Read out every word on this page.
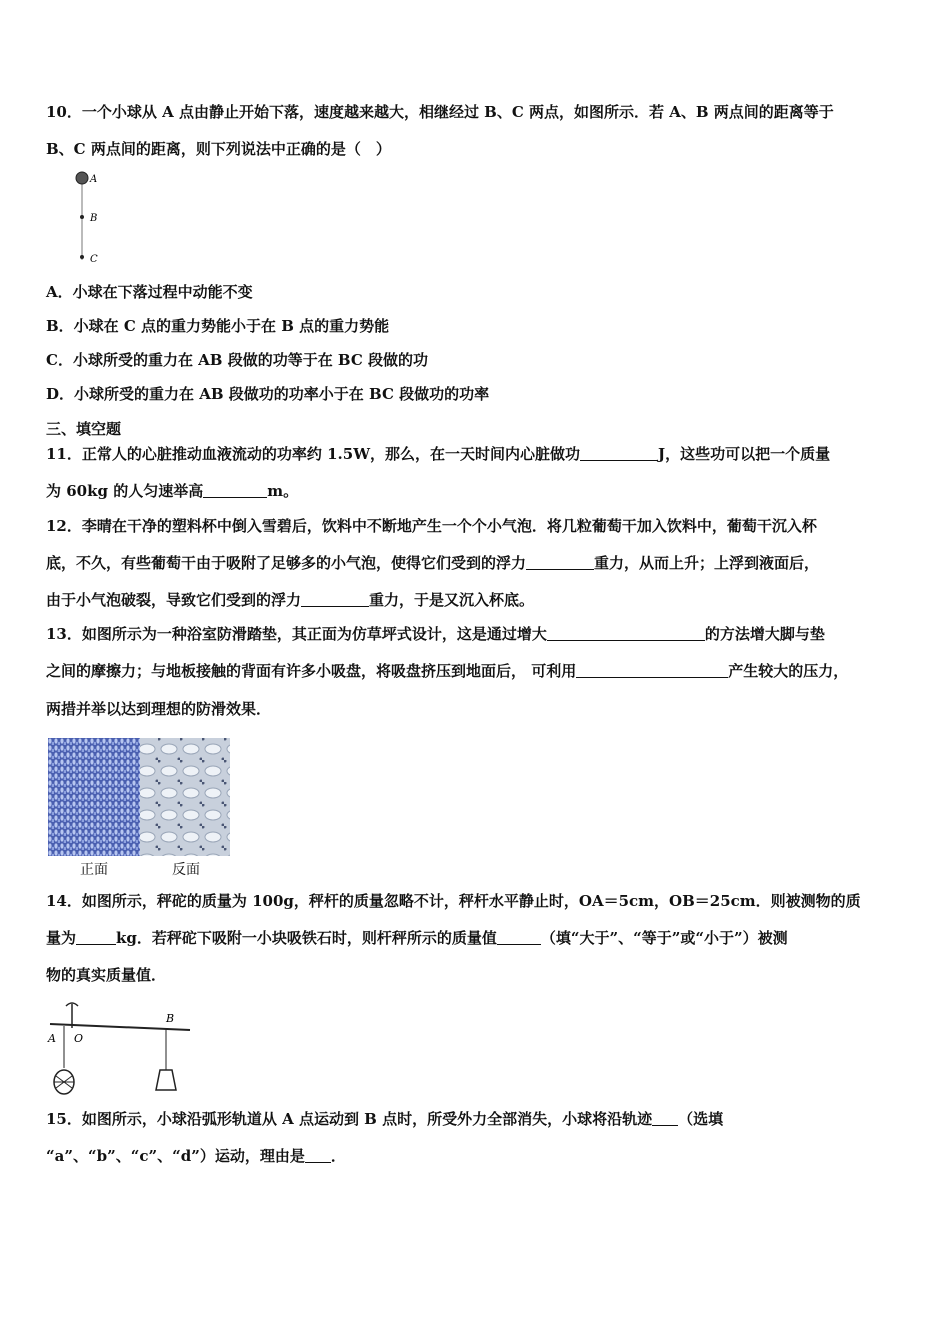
10．一个小球从 A 点由静止开始下落，速度越来越大，相继经过 B、C 两点，如图所示．若 A、B 两点间的距离等于
B、C 两点间的距离，则下列说法中正确的是（　）
A
B
C
A．小球在下落过程中动能不变
B．小球在 C 点的重力势能小于在 B 点的重力势能
C．小球所受的重力在 AB 段做的功等于在 BC 段做的功
D．小球所受的重力在 AB 段做功的功率小于在 BC 段做功的功率
三、填空题
11．正常人的心脏推动血液流动的功率约 1.5W，那么，在一天时间内心脏做功	J，这些功可以把一个质量
为 60kg 的人匀速举高	m。
12．李晴在干净的塑料杯中倒入雪碧后，饮料中不断地产生一个个小气泡．将几粒葡萄干加入饮料中，葡萄干沉入杯
底，不久，有些葡萄干由于吸附了足够多的小气泡，使得它们受到的浮力	重力，从而上升；上浮到液面后，
由于小气泡破裂，导致它们受到的浮力	重力，于是又沉入杯底。
13．如图所示为一种浴室防滑踏垫，其正面为仿草坪式设计，这是通过增大	的方法增大脚与垫
之间的摩擦力；与地板接触的背面有许多小吸盘，将吸盘挤压到地面后， 可利用	产生较大的压力，
两措并举以达到理想的防滑效果．
正面	反面
14．如图所示，秤砣的质量为 100g，秤杆的质量忽略不计，秤杆水平静止时，OA＝5cm，OB＝25cm．则被测物的质
量为	kg．若秤砣下吸附一小块吸铁石时，则杆秤所示的质量值	（填“大于”、“等于”或“小于”）被测
物的真实质量值．
A O
B
15．如图所示，小球沿弧形轨道从 A 点运动到 B 点时，所受外力全部消失，小球将沿轨迹 （选填
“a”、“b”、“c”、“d”）运动，理由是 ．
